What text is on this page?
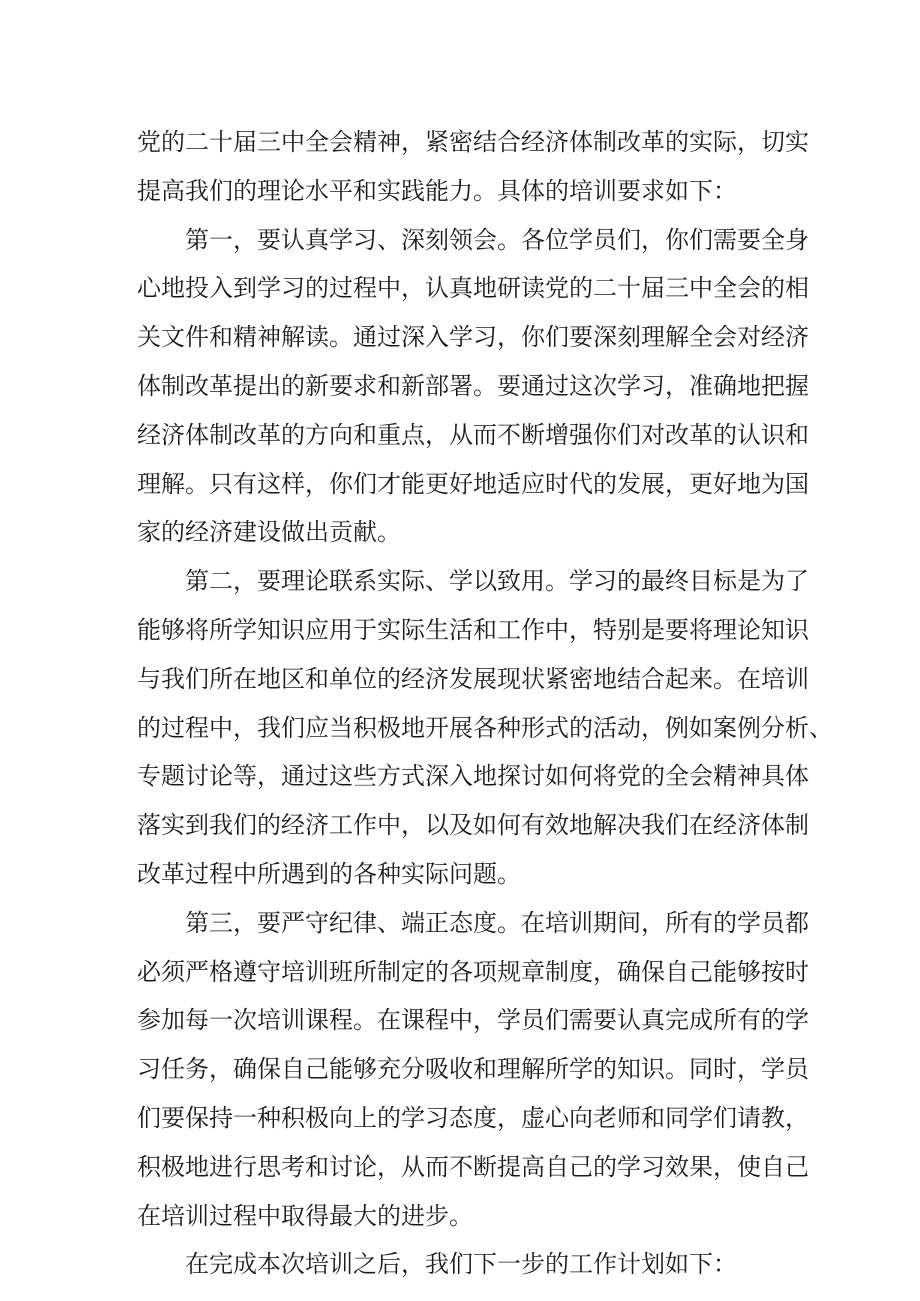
党的二十届三中全会精神，紧密结合经济体制改革的实际，切实
提高我们的理论水平和实践能力。具体的培训要求如下：
第一，要认真学习、深刻领会。各位学员们，你们需要全身
心地投入到学习的过程中，认真地研读党的二十届三中全会的相
关文件和精神解读。通过深入学习，你们要深刻理解全会对经济
体制改革提出的新要求和新部署。要通过这次学习，准确地把握
经济体制改革的方向和重点，从而不断增强你们对改革的认识和
理解。只有这样，你们才能更好地适应时代的发展，更好地为国
家的经济建设做出贡献。
第二，要理论联系实际、学以致用。学习的最终目标是为了
能够将所学知识应用于实际生活和工作中，特别是要将理论知识
与我们所在地区和单位的经济发展现状紧密地结合起来。在培训
的过程中，我们应当积极地开展各种形式的活动，例如案例分析、
专题讨论等，通过这些方式深入地探讨如何将党的全会精神具体
落实到我们的经济工作中，以及如何有效地解决我们在经济体制
改革过程中所遇到的各种实际问题。
第三，要严守纪律、端正态度。在培训期间，所有的学员都
必须严格遵守培训班所制定的各项规章制度，确保自己能够按时
参加每一次培训课程。在课程中，学员们需要认真完成所有的学
习任务，确保自己能够充分吸收和理解所学的知识。同时，学员
们要保持一种积极向上的学习态度，虚心向老师和同学们请教，
积极地进行思考和讨论，从而不断提高自己的学习效果，使自己
在培训过程中取得最大的进步。
在完成本次培训之后，我们下一步的工作计划如下：
